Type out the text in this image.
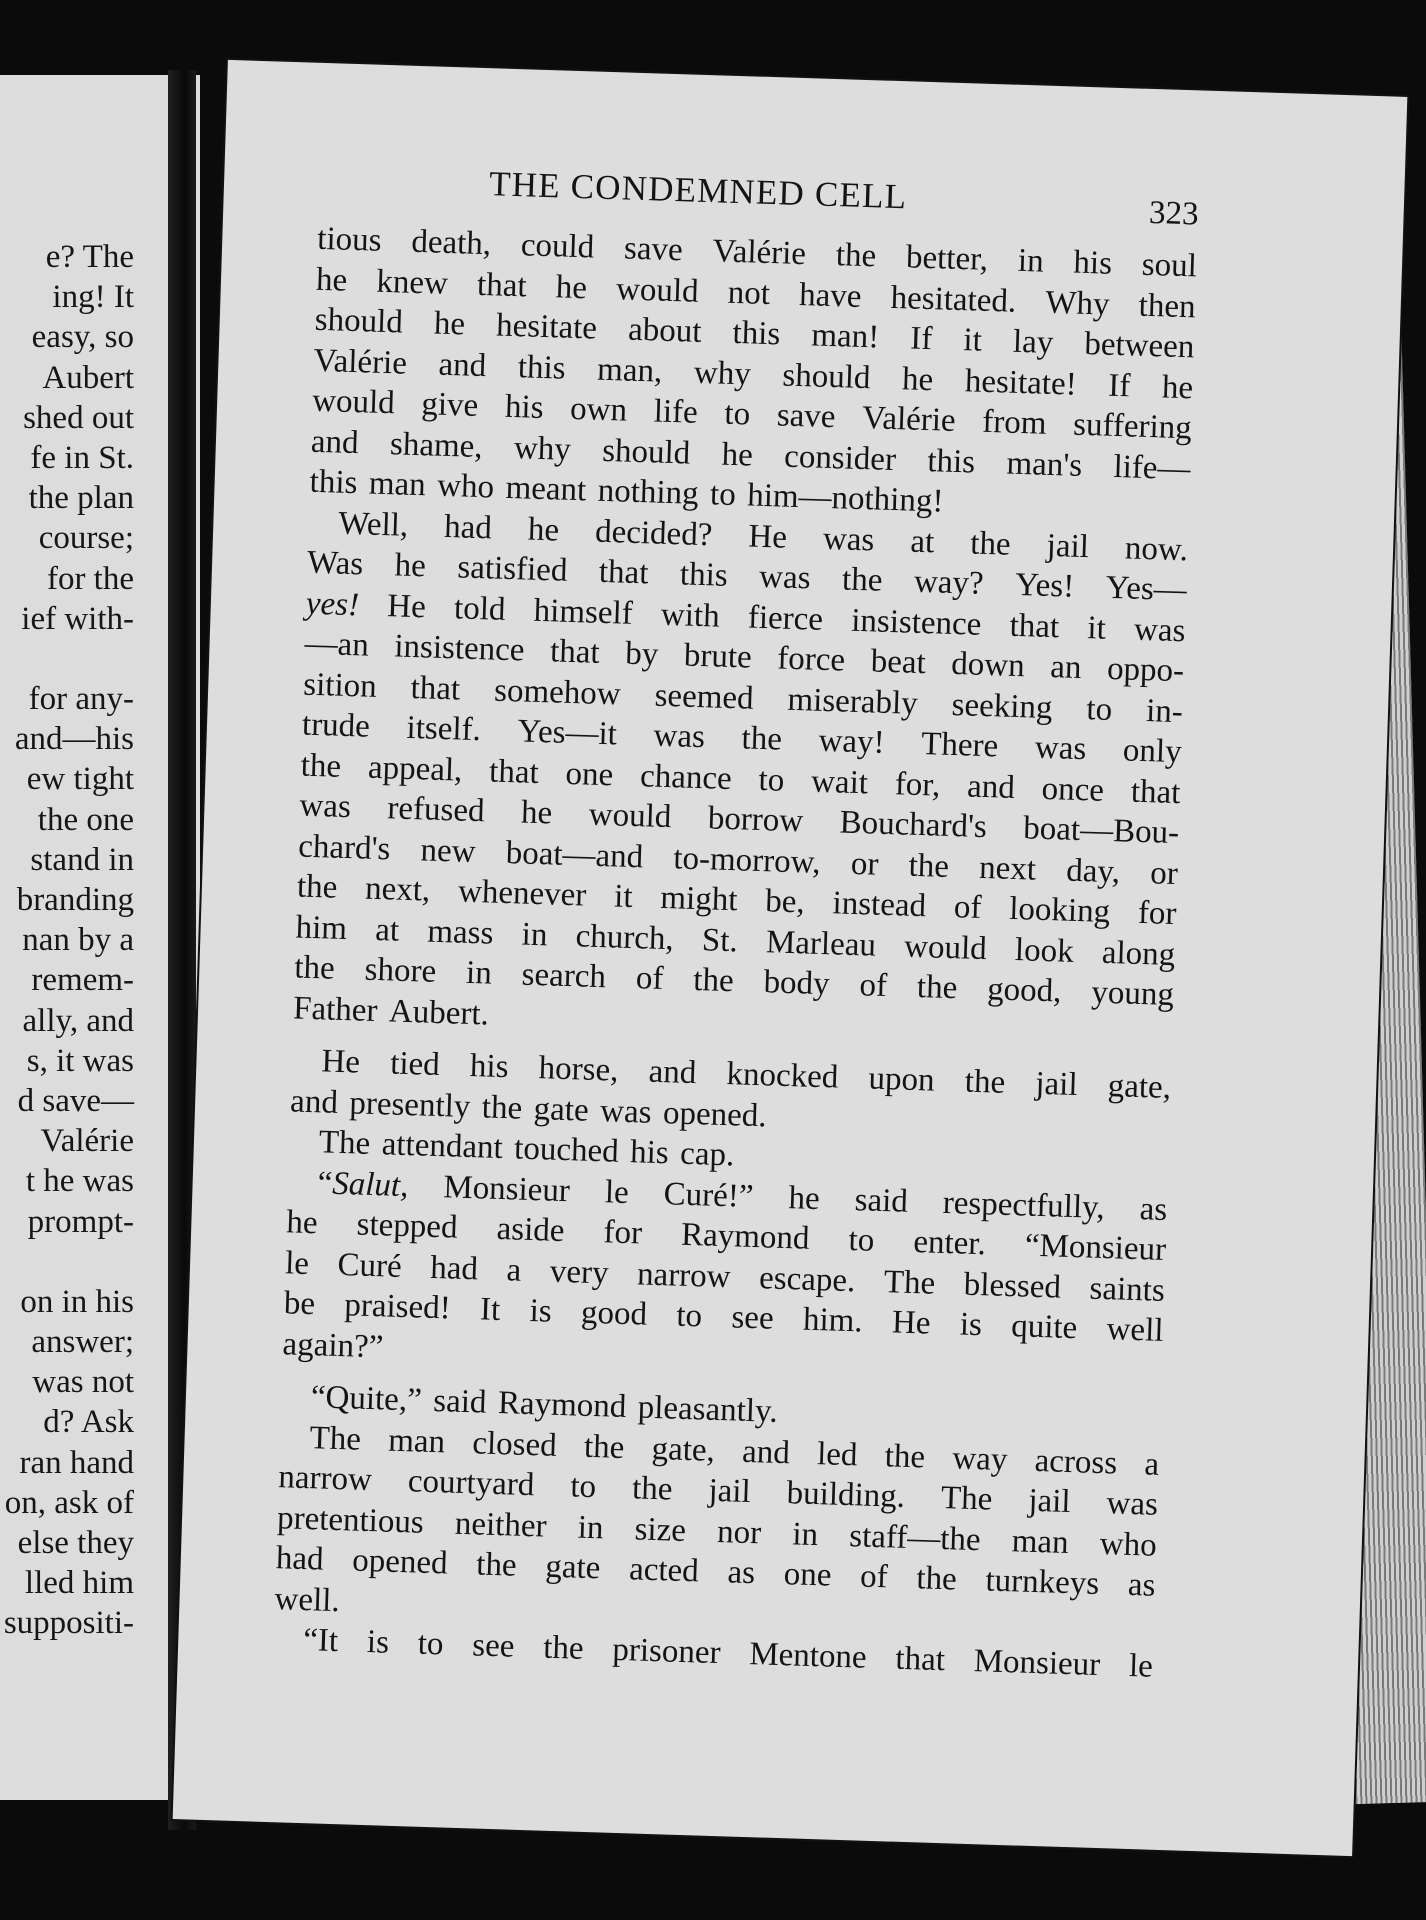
e? The
ing! It
easy, so
Aubert
shed out
fe in St.
the plan
course;
for the
ief with-
for any-
and—his
ew tight
the one
stand in
branding
nan by a
remem-
ally, and
s, it was
d save—
Valérie
t he was
prompt-
on in his
answer;
was not
d? Ask
ran hand
on, ask of
else they
lled him
suppositi-
THE CONDEMNED CELL	323
tious death, could save Valérie the better, in his soul
he knew that he would not have hesitated. Why then
should he hesitate about this man! If it lay between
Valérie and this man, why should he hesitate! If he
would give his own life to save Valérie from suffering
and shame, why should he consider this man's life—
this man who meant nothing to him—nothing!
Well, had he decided? He was at the jail now.
Was he satisfied that this was the way? Yes! Yes—
yes! He told himself with fierce insistence that it was
—an insistence that by brute force beat down an oppo-
sition that somehow seemed miserably seeking to in-
trude itself. Yes—it was the way! There was only
the appeal, that one chance to wait for, and once that
was refused he would borrow Bouchard's boat—Bou-
chard's new boat—and to-morrow, or the next day, or
the next, whenever it might be, instead of looking for
him at mass in church, St. Marleau would look along
the shore in search of the body of the good, young
Father Aubert.
He tied his horse, and knocked upon the jail gate,
and presently the gate was opened.
The attendant touched his cap.
“Salut, Monsieur le Curé!” he said respectfully, as
he stepped aside for Raymond to enter. “Monsieur
le Curé had a very narrow escape. The blessed saints
be praised! It is good to see him. He is quite well
again?”
“Quite,” said Raymond pleasantly.
The man closed the gate, and led the way across a
narrow courtyard to the jail building. The jail was
pretentious neither in size nor in staff—the man who
had opened the gate acted as one of the turnkeys as
well.
“It is to see the prisoner Mentone that Monsieur le
